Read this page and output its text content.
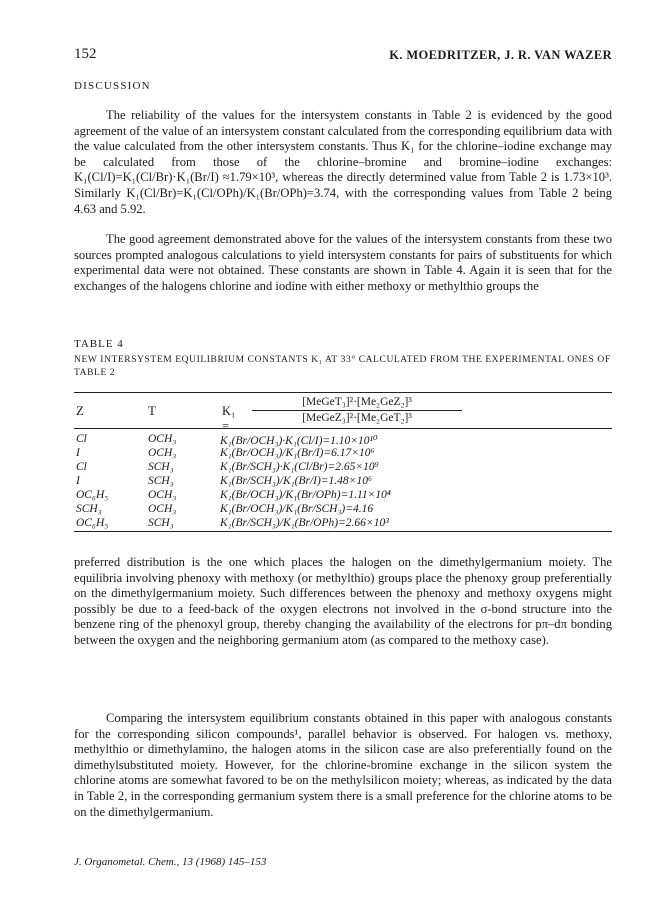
152	K. MOEDRITZER, J. R. VAN WAZER
DISCUSSION

The reliability of the values for the intersystem constants in Table 2 is evidenced by the good agreement of the value of an intersystem constant calculated from the corresponding equilibrium data with the value calculated from the other intersystem constants. Thus K₁ for the chlorine–iodine exchange may be calculated from those of the chlorine–bromine and bromine–iodine exchanges: K₁(Cl/I)=K₁(Cl/Br)·K₁(Br/I) ≈1.79×10³, whereas the directly determined value from Table 2 is 1.73×10³. Similarly K₁(Cl/Br)=K₁(Cl/OPh)/K₁(Br/OPh)=3.74, with the corresponding values from Table 2 being 4.63 and 5.92.

The good agreement demonstrated above for the values of the intersystem constants from these two sources prompted analogous calculations to yield intersystem constants for pairs of substituents for which experimental data were not obtained. These constants are shown in Table 4. Again it is seen that for the exchanges of the halogens chlorine and iodine with either methoxy or methylthio groups the

TABLE 4
NEW INTERSYSTEM EQUILIBRIUM CONSTANTS K₁ AT 33° CALCULATED FROM THE EXPERIMENTAL ONES OF TABLE 2
Z	T	K₁ =
[MeGeT₃]²·[Me₂GeZ₂]³
[MeGeZ₃]²·[Me₂GeT₂]³
Cl	OCH₃	K₁(Br/OCH₃)·K₁(Cl/I)=1.10×10¹⁰
I	OCH₃	K₁(Br/OCH₃)/K₁(Br/I)=6.17×10⁶
Cl	SCH₃	K₁(Br/SCH₃)·K₁(Cl/Br)=2.65×10⁹
I	SCH₃	K₁(Br/SCH₃)/K₁(Br/I)=1.48×10⁶
OC₆H₅	OCH₃	K₁(Br/OCH₃)/K₁(Br/OPh)=1.11×10⁴
SCH₃	OCH₃	K₁(Br/OCH₃)/K₁(Br/SCH₃)=4.16
OC₆H₅	SCH₃	K₁(Br/SCH₃)/K₁(Br/OPh)=2.66×10³

preferred distribution is the one which places the halogen on the dimethylgermanium moiety. The equilibria involving phenoxy with methoxy (or methylthio) groups place the phenoxy group preferentially on the dimethylgermanium moiety. Such differences between the phenoxy and methoxy oxygens might possibly be due to a feed-back of the oxygen electrons not involved in the σ-bond structure into the benzene ring of the phenoxyl group, thereby changing the availability of the electrons for pπ–dπ bonding between the oxygen and the neighboring germanium atom (as compared to the methoxy case).

Comparing the intersystem equilibrium constants obtained in this paper with analogous constants for the corresponding silicon compounds¹, parallel behavior is observed. For halogen vs. methoxy, methylthio or dimethylamino, the halogen atoms in the silicon case are also preferentially found on the dimethylsubstituted moiety. However, for the chlorine-bromine exchange in the silicon system the chlorine atoms are somewhat favored to be on the methylsilicon moiety; whereas, as indicated by the data in Table 2, in the corresponding germanium system there is a small preference for the chlorine atoms to be on the dimethylgermanium.

J. Organometal. Chem., 13 (1968) 145–153
